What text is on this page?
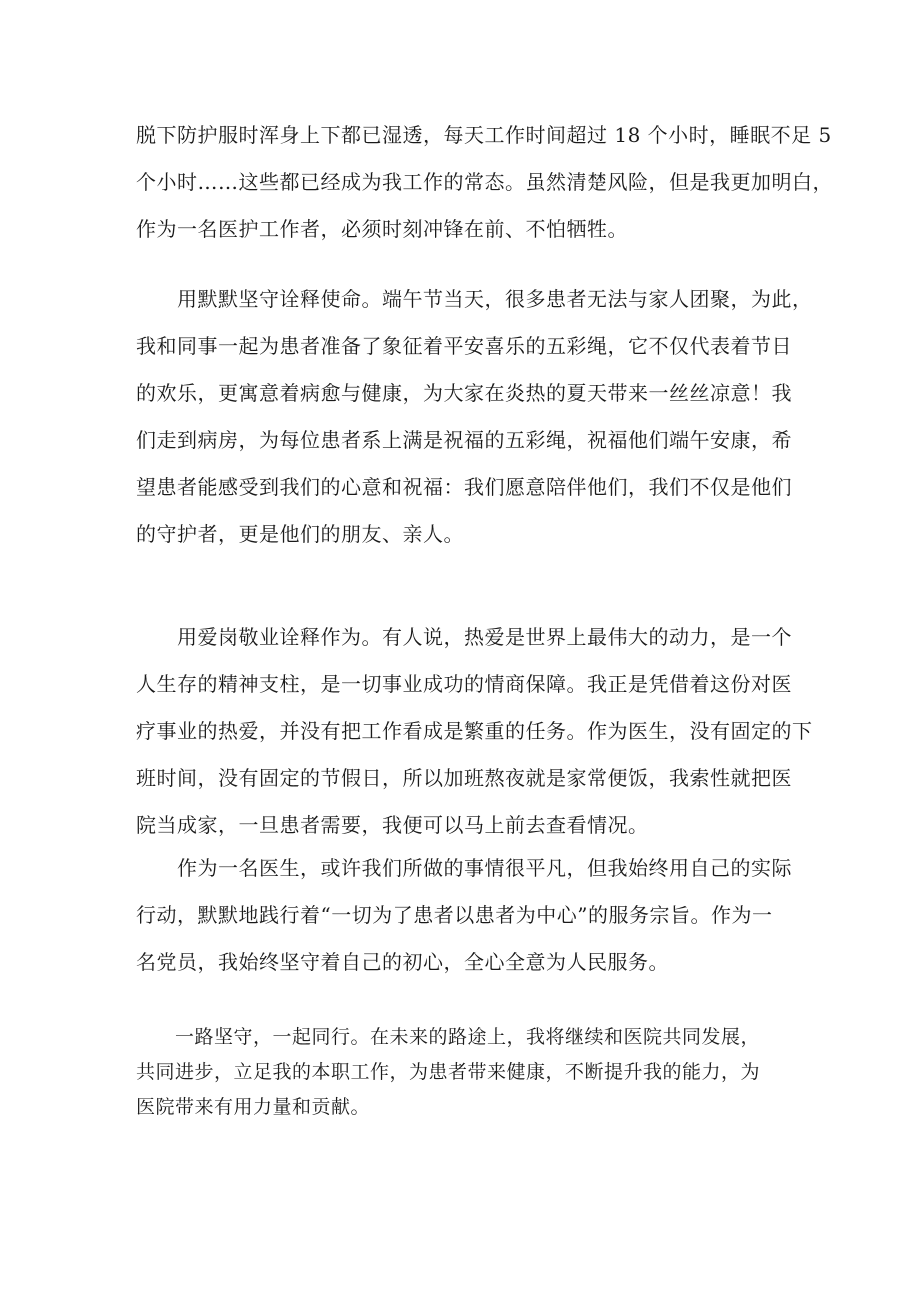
脱下防护服时浑身上下都已湿透，每天工作时间超过 18 个小时，睡眠不足 5
个小时……这些都已经成为我工作的常态。虽然清楚风险，但是我更加明白，
作为一名医护工作者，必须时刻冲锋在前、不怕牺牲。

　　用默默坚守诠释使命。端午节当天，很多患者无法与家人团聚，为此，
我和同事一起为患者准备了象征着平安喜乐的五彩绳，它不仅代表着节日
的欢乐，更寓意着病愈与健康，为大家在炎热的夏天带来一丝丝凉意！我
们走到病房，为每位患者系上满是祝福的五彩绳，祝福他们端午安康，希
望患者能感受到我们的心意和祝福：我们愿意陪伴他们，我们不仅是他们
的守护者，更是他们的朋友、亲人。

　　用爱岗敬业诠释作为。有人说，热爱是世界上最伟大的动力，是一个
人生存的精神支柱，是一切事业成功的情商保障。我正是凭借着这份对医
疗事业的热爱，并没有把工作看成是繁重的任务。作为医生，没有固定的下
班时间，没有固定的节假日，所以加班熬夜就是家常便饭，我索性就把医
院当成家，一旦患者需要，我便可以马上前去查看情况。

　　作为一名医生，或许我们所做的事情很平凡，但我始终用自己的实际
行动，默默地践行着“一切为了患者以患者为中心”的服务宗旨。作为一
名党员，我始终坚守着自己的初心，全心全意为人民服务。

　　一路坚守，一起同行。在未来的路途上，我将继续和医院共同发展，
共同进步，立足我的本职工作，为患者带来健康，不断提升我的能力，为
医院带来有用力量和贡献。
